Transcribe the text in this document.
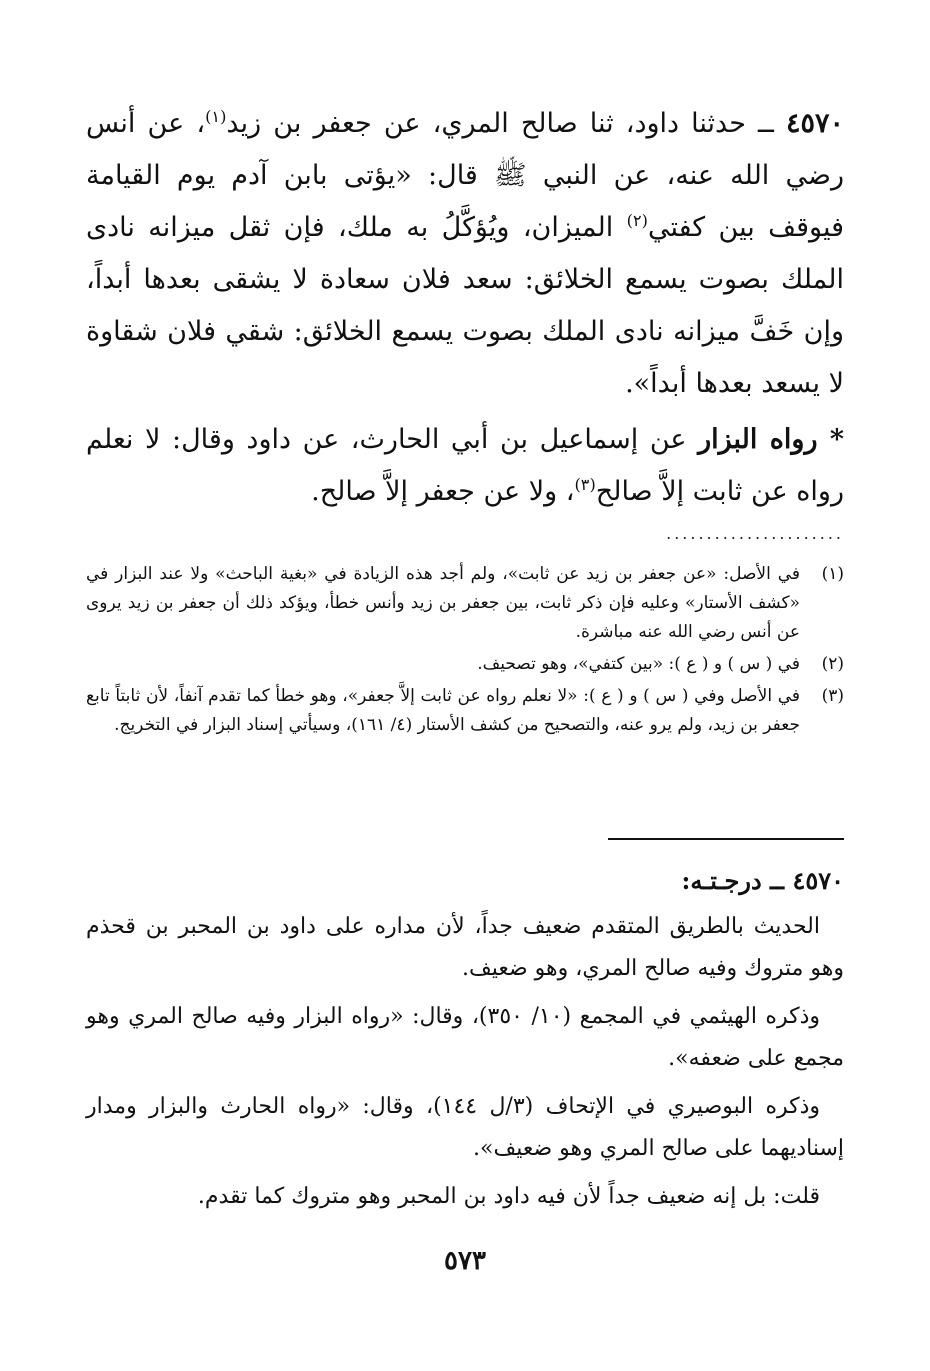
٤٥٧٠ ــ حدثنا داود، ثنا صالح المري، عن جعفر بن زيد$^{(١)}$، عن أنس رضي الله عنه، عن النبي ﷺ قال: «يؤتى بابن آدم يوم القيامة فيوقف بين كفتي$^{(٢)}$ الميزان، ويُؤكَّلُ به ملك، فإن ثقل ميزانه نادى الملك بصوت يسمع الخلائق: سعد فلان سعادة لا يشقى بعدها أبداً، وإن خَفَّ ميزانه نادى الملك بصوت يسمع الخلائق: شقي فلان شقاوة لا يسعد بعدها أبداً».

* رواه البزار عن إسماعيل بن أبي الحارث، عن داود وقال: لا نعلم رواه عن ثابت إلاَّ صالح$^{(٣)}$، ولا عن جعفر إلاَّ صالح.

......................
(١)
في الأصل: «عن جعفر بن زيد عن ثابت»، ولم أجد هذه الزيادة في «بغية الباحث» ولا عند البزار في «كشف الأستار» وعليه فإن ذكر ثابت، بين جعفر بن زيد وأنس خطأ، ويؤكد ذلك أن جعفر بن زيد يروى عن أنس رضي الله عنه مباشرة.
(٢)
في ( س ) و ( ع ): «بين كتفي»، وهو تصحيف.
(٣)
في الأصل وفي ( س ) و ( ع ): «لا نعلم رواه عن ثابت إلاَّ جعفر»، وهو خطأ كما تقدم آنفاً، لأن ثابتاً تابع جعفر بن زيد، ولم يرو عنه، والتصحيح من كشف الأستار (٤/ ١٦١)، وسيأتي إسناد البزار في التخريج.
٤٥٧٠ ــ درجـتـه:

الحديث بالطريق المتقدم ضعيف جداً، لأن مداره على داود بن المحبر بن قحذم وهو متروك وفيه صالح المري، وهو ضعيف.

وذكره الهيثمي في المجمع (١٠/ ٣٥٠)، وقال: «رواه البزار وفيه صالح المري وهو مجمع على ضعفه».

وذكره البوصيري في الإتحاف (٣/ل ١٤٤)، وقال: «رواه الحارث والبزار ومدار إسناديهما على صالح المري وهو ضعيف».

قلت: بل إنه ضعيف جداً لأن فيه داود بن المحبر وهو متروك كما تقدم.

٥٧٣
